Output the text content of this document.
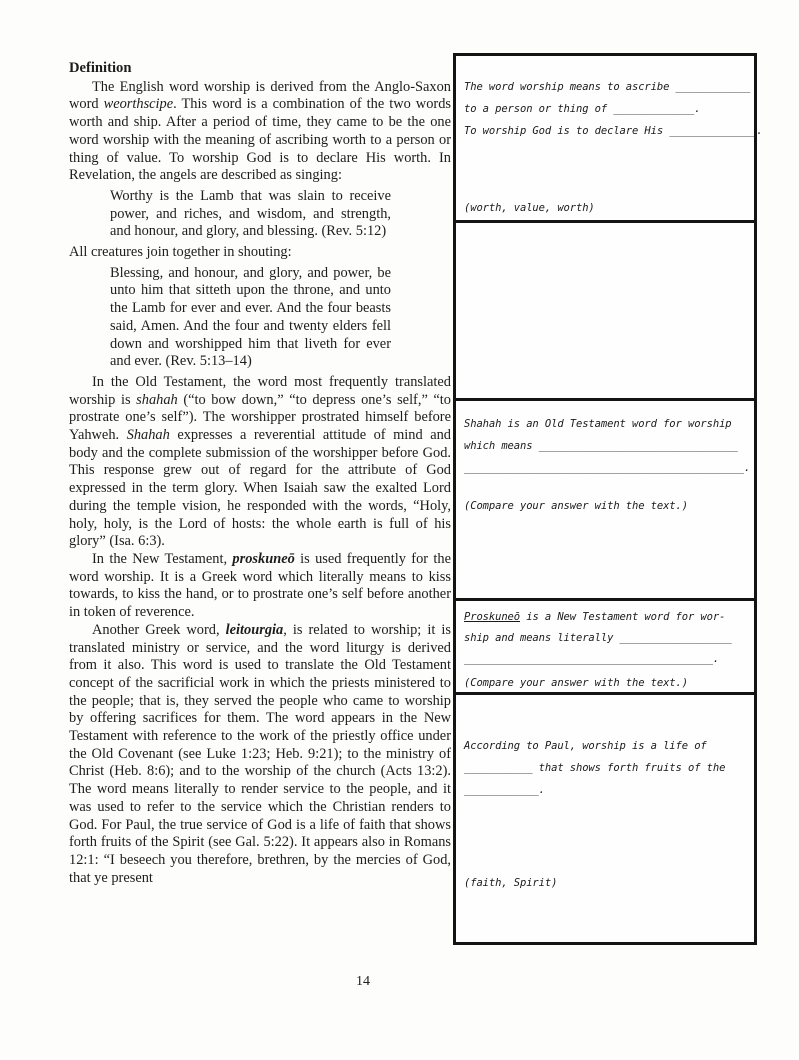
Definition
The English word worship is derived from the Anglo-Saxon word weorthscipe. This word is a combination of the two words worth and ship. After a period of time, they came to be the one word worship with the meaning of ascribing worth to a person or thing of value. To worship God is to declare His worth. In Revelation, the angels are described as singing:
Worthy is the Lamb that was slain to receive power, and riches, and wisdom, and strength, and honour, and glory, and blessing. (Rev. 5:12)
All creatures join together in shouting:
Blessing, and honour, and glory, and power, be unto him that sitteth upon the throne, and unto the Lamb for ever and ever. And the four beasts said, Amen. And the four and twenty elders fell down and worshipped him that liveth for ever and ever. (Rev. 5:13–14)
In the Old Testament, the word most frequently translated worship is shahah (“to bow down,” “to depress one’s self,” “to prostrate one’s self”). The worshipper prostrated himself before Yahweh. Shahah expresses a reverential attitude of mind and body and the complete submission of the worshipper before God. This response grew out of regard for the attribute of God expressed in the term glory. When Isaiah saw the exalted Lord during the temple vision, he responded with the words, “Holy, holy, holy, is the Lord of hosts: the whole earth is full of his glory” (Isa. 6:3).
In the New Testament, proskuneō is used frequently for the word worship. It is a Greek word which literally means to kiss towards, to kiss the hand, or to prostrate one’s self before another in token of reverence.
Another Greek word, leitourgia, is related to worship; it is translated ministry or service, and the word liturgy is derived from it also. This word is used to translate the Old Testament concept of the sacrificial work in which the priests ministered to the people; that is, they served the people who came to worship by offering sacrifices for them. The word appears in the New Testament with reference to the work of the priestly office under the Old Covenant (see Luke 1:23; Heb. 9:21); to the ministry of Christ (Heb. 8:6); and to the worship of the church (Acts 13:2). The word means literally to render service to the people, and it was used to refer to the service which the Christian renders to God. For Paul, the true service of God is a life of faith that shows forth fruits of the Spirit (see Gal. 5:22). It appears also in Romans 12:1: “I beseech you therefore, brethren, by the mercies of God, that ye present
The word worship means to ascribe ____________
to a person or thing of _____________.
To worship God is to declare His ______________.
(worth, value, worth)
Shahah is an Old Testament word for worship
which means ________________________________
_____________________________________________.
(Compare your answer with the text.)
Proskuneō is a New Testament word for wor-
ship and means literally __________________
________________________________________.
(Compare your answer with the text.)
According to Paul, worship is a life of
___________ that shows forth fruits of the
____________.
(faith, Spirit)
14
